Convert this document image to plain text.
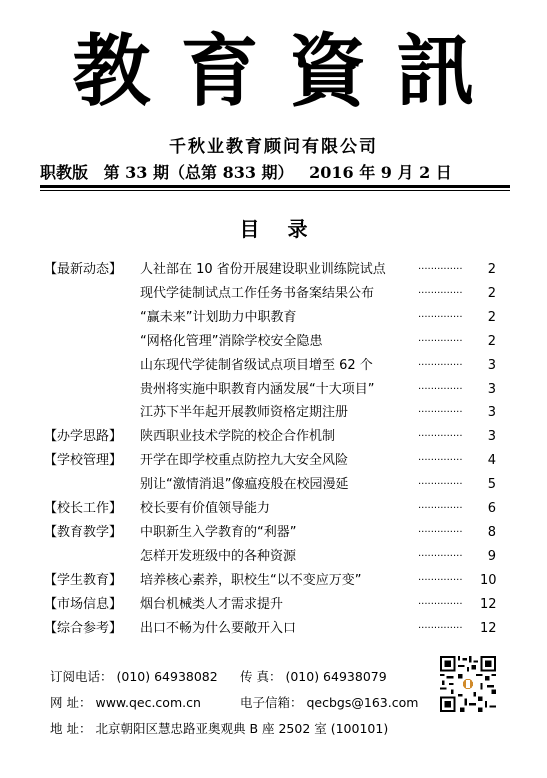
教育資訊
千秋业教育顾问有限公司
职教版 第 33 期（总第 833 期） 2016 年 9 月 2 日
目录
【最新动态】 人社部在 10 省份开展建设职业训练院试点	··············	2
现代学徒制试点工作任务书备案结果公布	··············	2
“赢未来”计划助力中职教育	··············	2
“网格化管理”消除学校安全隐患	··············	2
山东现代学徒制省级试点项目增至 62 个	··············	3
贵州将实施中职教育内涵发展“十大项目”	··············	3
江苏下半年起开展教师资格定期注册	··············	3
【办学思路】 陕西职业技术学院的校企合作机制	··············	3
【学校管理】 开学在即学校重点防控九大安全风险	··············	4
别让“激情消退”像瘟疫般在校园漫延	··············	5
【校长工作】 校长要有价值领导能力	··············	6
【教育教学】 中职新生入学教育的“利器”	··············	8
怎样开发班级中的各种资源	··············	9
【学生教育】 培养核心素养，职校生“以不变应万变”	·············· 10
【市场信息】 烟台机械类人才需求提升	·············· 12
【综合参考】 出口不畅为什么要敞开入口	·············· 12
订阅电话： (010) 64938082 传 真： (010) 64938079
网 址： www.qec.com.cn	电子信箱： qecbgs@163.com
地 址： 北京朝阳区慧忠路亚奥观典 B 座 2502 室 (100101)
